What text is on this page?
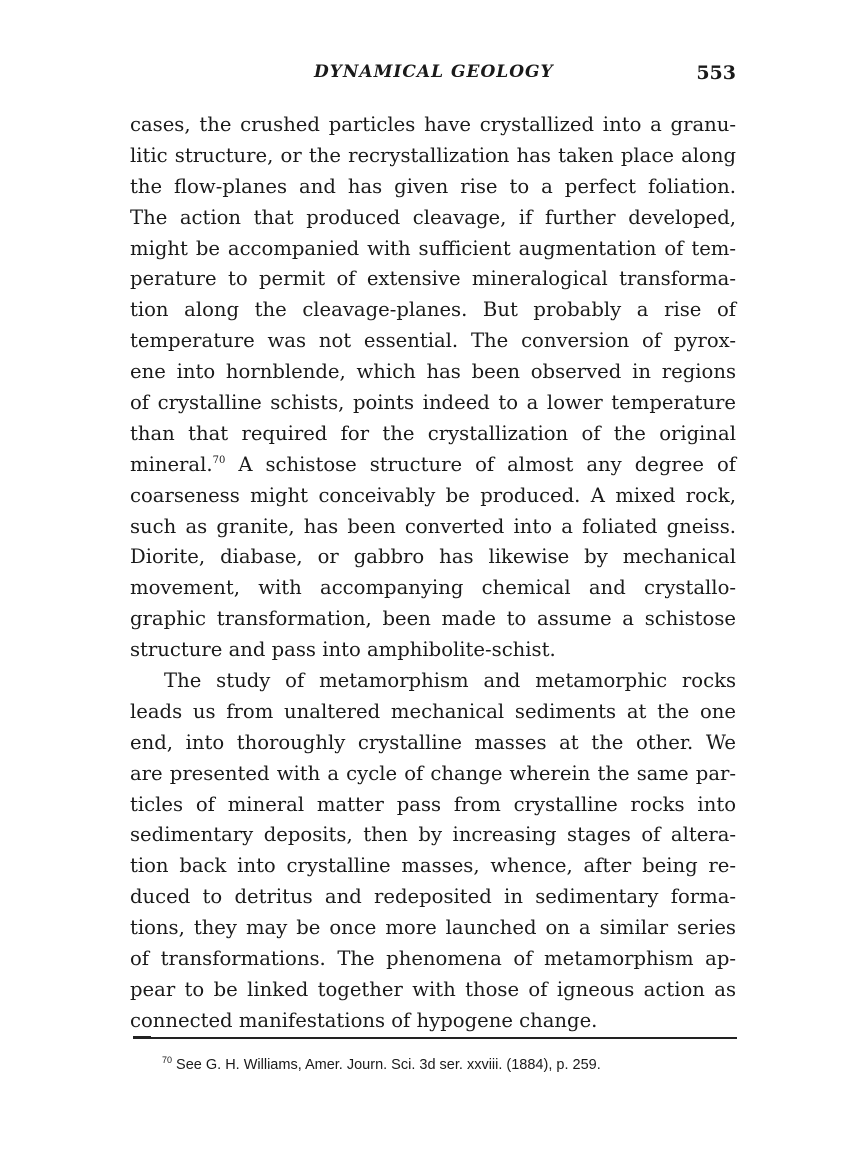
DYNAMICAL GEOLOGY	553
cases, the crushed particles have crystallized into a granu-
litic structure, or the recrystallization has taken place along
the flow-planes and has given rise to a perfect foliation.
The action that produced cleavage, if further developed,
might be accompanied with sufficient augmentation of tem-
perature to permit of extensive mineralogical transforma-
tion along the cleavage-planes. But probably a rise of
temperature was not essential. The conversion of pyrox-
ene into hornblende, which has been observed in regions
of crystalline schists, points indeed to a lower temperature
than that required for the crystallization of the original
mineral.$^{70}$ A schistose structure of almost any degree of
coarseness might conceivably be produced. A mixed rock,
such as granite, has been converted into a foliated gneiss.
Diorite, diabase, or gabbro has likewise by mechanical
movement, with accompanying chemical and crystallo-
graphic transformation, been made to assume a schistose
structure and pass into amphibolite-schist.
The study of metamorphism and metamorphic rocks
leads us from unaltered mechanical sediments at the one
end, into thoroughly crystalline masses at the other. We
are presented with a cycle of change wherein the same par-
ticles of mineral matter pass from crystalline rocks into
sedimentary deposits, then by increasing stages of altera-
tion back into crystalline masses, whence, after being re-
duced to detritus and redeposited in sedimentary forma-
tions, they may be once more launched on a similar series
of transformations. The phenomena of metamorphism ap-
pear to be linked together with those of igneous action as
connected manifestations of hypogene change.
$^{70}$ See G. H. Williams, Amer. Journ. Sci. 3d ser. xxviii. (1884), p. 259.
